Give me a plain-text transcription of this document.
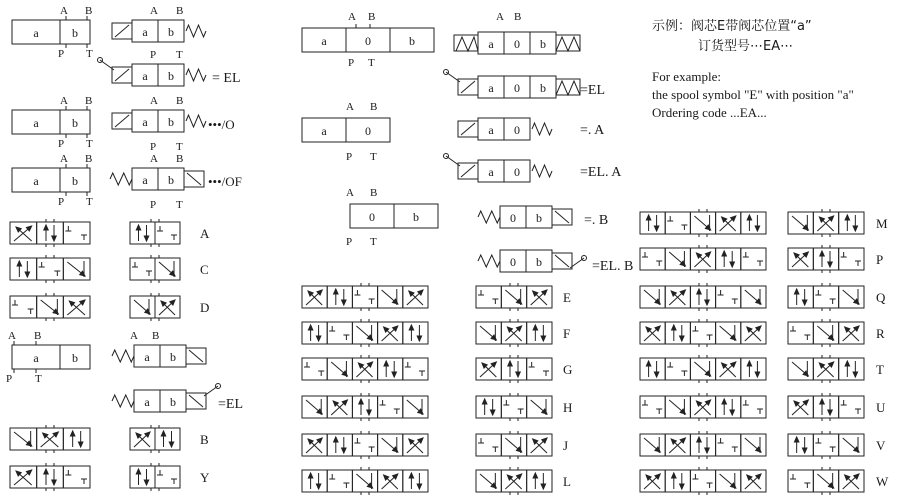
a	b
A B
P T
a	b
A B
P T
a	b
A B
P T
a	b
A B
P T
a b
A B
P T
a b	= EL
a b
A B
P T
•••/O
a b
A B
P T
•••/OF
a b
A B
a b	=EL
a	0	b
A B
P T
a	0
A B
P T
0	b
A B
P T
a 0 b
A B
a 0 b =EL
a 0	=. A
a 0	=EL. A
0 b	=. B
0 b	=EL. B
A
C
D
B
Y
E
F
G
H
J
L
M
P
Q
R
T
U
V
W
示例：阀芯E带阀芯位置“a”
订货型号⋯EA⋯
For example:
the spool symbol "E" with position "a"
Ordering code ...EA...
